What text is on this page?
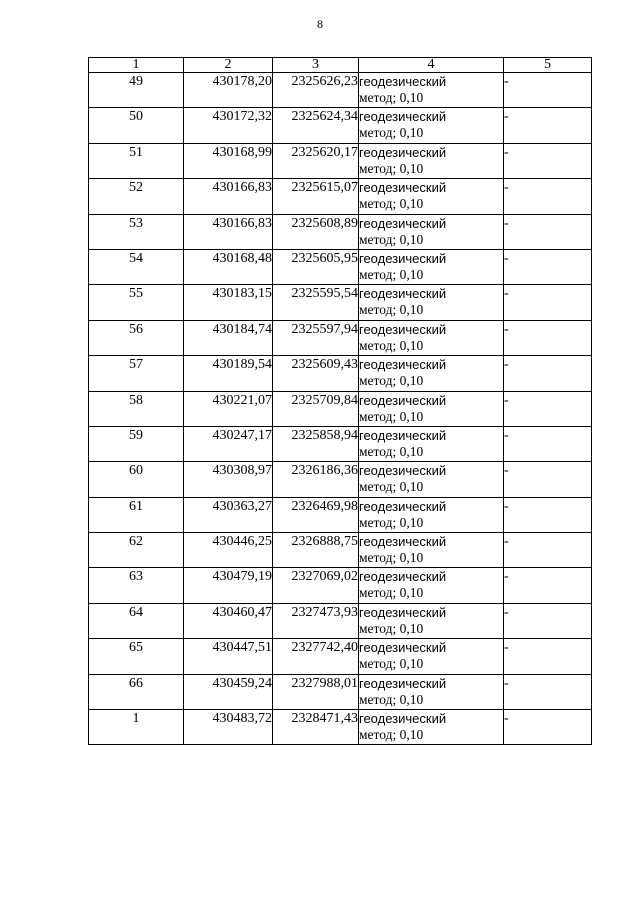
8
1	2	3	4	5
49	430178,20	2325626,23	геодезический
метод; 0,10	-
50	430172,32	2325624,34	геодезический
метод; 0,10	-
51	430168,99	2325620,17	геодезический
метод; 0,10	-
52	430166,83	2325615,07	геодезический
метод; 0,10	-
53	430166,83	2325608,89	геодезический
метод; 0,10	-
54	430168,48	2325605,95	геодезический
метод; 0,10	-
55	430183,15	2325595,54	геодезический
метод; 0,10	-
56	430184,74	2325597,94	геодезический
метод; 0,10	-
57	430189,54	2325609,43	геодезический
метод; 0,10	-
58	430221,07	2325709,84	геодезический
метод; 0,10	-
59	430247,17	2325858,94	геодезический
метод; 0,10	-
60	430308,97	2326186,36	геодезический
метод; 0,10	-
61	430363,27	2326469,98	геодезический
метод; 0,10	-
62	430446,25	2326888,75	геодезический
метод; 0,10	-
63	430479,19	2327069,02	геодезический
метод; 0,10	-
64	430460,47	2327473,93	геодезический
метод; 0,10	-
65	430447,51	2327742,40	геодезический
метод; 0,10	-
66	430459,24	2327988,01	геодезический
метод; 0,10	-
1	430483,72	2328471,43	геодезический
метод; 0,10	-
